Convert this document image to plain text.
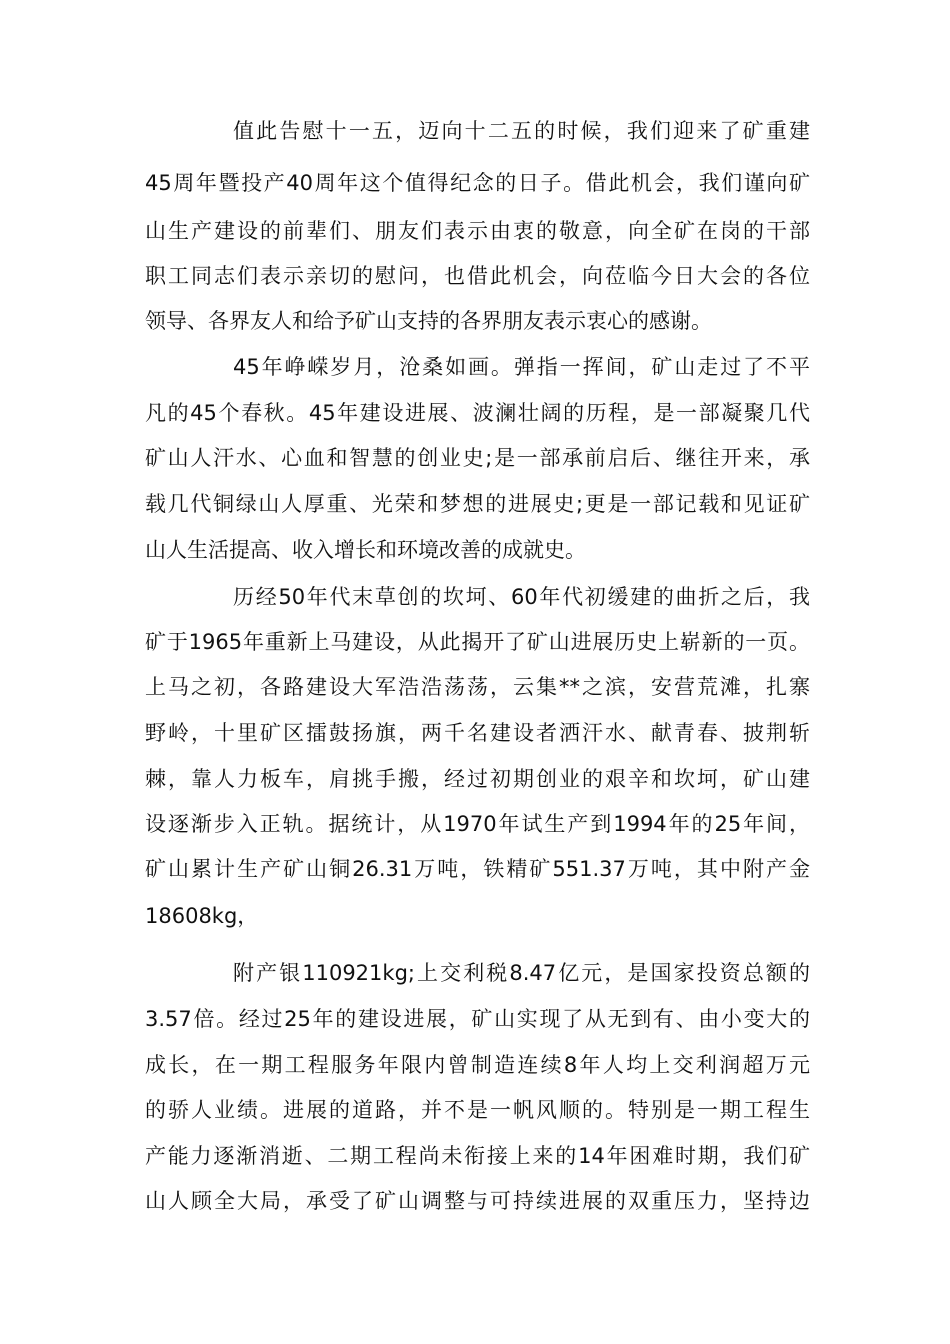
值此告慰十一五，迈向十二五的时候，我们迎来了矿重建
45周年暨投产40周年这个值得纪念的日子。借此机会，我们谨向矿
山生产建设的前辈们、朋友们表示由衷的敬意，向全矿在岗的干部
职工同志们表示亲切的慰问，也借此机会，向莅临今日大会的各位
领导、各界友人和给予矿山支持的各界朋友表示衷心的感谢。
45年峥嵘岁月，沧桑如画。弹指一挥间，矿山走过了不平
凡的45个春秋。45年建设进展、波澜壮阔的历程，是一部凝聚几代
矿山人汗水、心血和智慧的创业史;是一部承前启后、继往开来，承
载几代铜绿山人厚重、光荣和梦想的进展史;更是一部记载和见证矿
山人生活提高、收入增长和环境改善的成就史。
历经50年代末草创的坎坷、60年代初缓建的曲折之后，我
矿于1965年重新上马建设，从此揭开了矿山进展历史上崭新的一页。
上马之初，各路建设大军浩浩荡荡，云集**之滨，安营荒滩，扎寨
野岭，十里矿区擂鼓扬旗，两千名建设者洒汗水、献青春、披荆斩
棘，靠人力板车，肩挑手搬，经过初期创业的艰辛和坎坷，矿山建
设逐渐步入正轨。据统计，从1970年试生产到1994年的25年间，
矿山累计生产矿山铜26.31万吨，铁精矿551.37万吨，其中附产金
18608kg，
附产银110921kg;上交利税8.47亿元，是国家投资总额的
3.57倍。经过25年的建设进展，矿山实现了从无到有、由小变大的
成长，在一期工程服务年限内曾制造连续8年人均上交利润超万元
的骄人业绩。进展的道路，并不是一帆风顺的。特别是一期工程生
产能力逐渐消逝、二期工程尚未衔接上来的14年困难时期，我们矿
山人顾全大局，承受了矿山调整与可持续进展的双重压力，坚持边
